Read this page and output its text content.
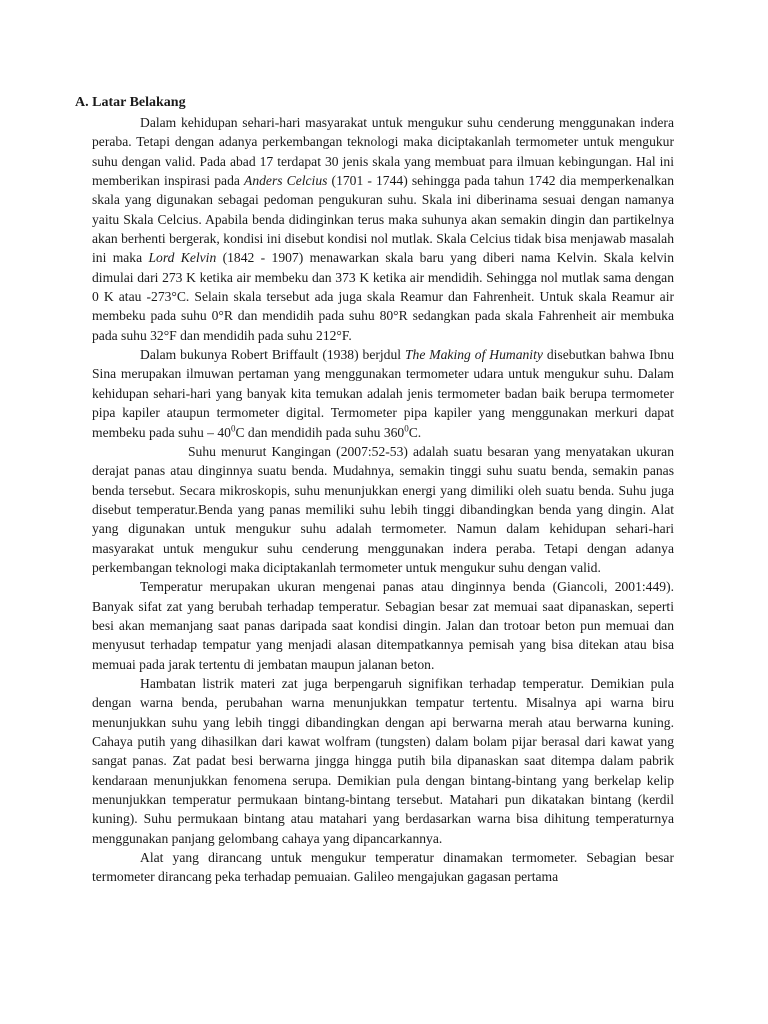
A. Latar Belakang

Dalam kehidupan sehari-hari masyarakat untuk mengukur suhu cenderung menggunakan indera peraba. Tetapi dengan adanya perkembangan teknologi maka diciptakanlah termometer untuk mengukur suhu dengan valid. Pada abad 17 terdapat 30 jenis skala yang membuat para ilmuan kebingungan. Hal ini memberikan inspirasi pada Anders Celcius (1701 - 1744) sehingga pada tahun 1742 dia memperkenalkan skala yang digunakan sebagai pedoman pengukuran suhu. Skala ini diberinama sesuai dengan namanya yaitu Skala Celcius. Apabila benda didinginkan terus maka suhunya akan semakin dingin dan partikelnya akan berhenti bergerak, kondisi ini disebut kondisi nol mutlak. Skala Celcius tidak bisa menjawab masalah ini maka Lord Kelvin (1842 - 1907) menawarkan skala baru yang diberi nama Kelvin. Skala kelvin dimulai dari 273 K ketika air membeku dan 373 K ketika air mendidih. Sehingga nol mutlak sama dengan 0 K atau -273°C. Selain skala tersebut ada juga skala Reamur dan Fahrenheit. Untuk skala Reamur air membeku pada suhu 0°R dan mendidih pada suhu 80°R sedangkan pada skala Fahrenheit air membuka pada suhu 32°F dan mendidih pada suhu 212°F.

Dalam bukunya Robert Briffault (1938) berjdul The Making of Humanity disebutkan bahwa Ibnu Sina merupakan ilmuwan pertaman yang menggunakan termometer udara untuk mengukur suhu. Dalam kehidupan sehari-hari yang banyak kita temukan adalah jenis termometer badan baik berupa termometer pipa kapiler ataupun termometer digital. Termometer pipa kapiler yang menggunakan merkuri dapat membeku pada suhu – $40^0C$ dan mendidih pada suhu $360^0C$.

Suhu menurut Kangingan (2007:52-53) adalah suatu besaran yang menyatakan ukuran derajat panas atau dinginnya suatu benda. Mudahnya, semakin tinggi suhu suatu benda, semakin panas benda tersebut. Secara mikroskopis, suhu menunjukkan energi yang dimiliki oleh suatu benda. Suhu juga disebut temperatur.Benda yang panas memiliki suhu lebih tinggi dibandingkan benda yang dingin. Alat yang digunakan untuk mengukur suhu adalah termometer. Namun dalam kehidupan sehari-hari masyarakat untuk mengukur suhu cenderung menggunakan indera peraba. Tetapi dengan adanya perkembangan teknologi maka diciptakanlah termometer untuk mengukur suhu dengan valid.

Temperatur merupakan ukuran mengenai panas atau dinginnya benda (Giancoli, 2001:449). Banyak sifat zat yang berubah terhadap temperatur. Sebagian besar zat memuai saat dipanaskan, seperti besi akan memanjang saat panas daripada saat kondisi dingin. Jalan dan trotoar beton pun memuai dan menyusut terhadap tempatur yang menjadi alasan ditempatkannya pemisah yang bisa ditekan atau bisa memuai pada jarak tertentu di jembatan maupun jalanan beton.

Hambatan listrik materi zat juga berpengaruh signifikan terhadap temperatur. Demikian pula dengan warna benda, perubahan warna menunjukkan tempatur tertentu. Misalnya api warna biru menunjukkan suhu yang lebih tinggi dibandingkan dengan api berwarna merah atau berwarna kuning. Cahaya putih yang dihasilkan dari kawat wolfram (tungsten) dalam bolam pijar berasal dari kawat yang sangat panas. Zat padat besi berwarna jingga hingga putih bila dipanaskan saat ditempa dalam pabrik kendaraan menunjukkan fenomena serupa. Demikian pula dengan bintang-bintang yang berkelap kelip menunjukkan temperatur permukaan bintang-bintang tersebut. Matahari pun dikatakan bintang (kerdil kuning). Suhu permukaan bintang atau matahari yang berdasarkan warna bisa dihitung temperaturnya menggunakan panjang gelombang cahaya yang dipancarkannya.

Alat yang dirancang untuk mengukur temperatur dinamakan termometer. Sebagian besar termometer dirancang peka terhadap pemuaian. Galileo mengajukan gagasan pertama
